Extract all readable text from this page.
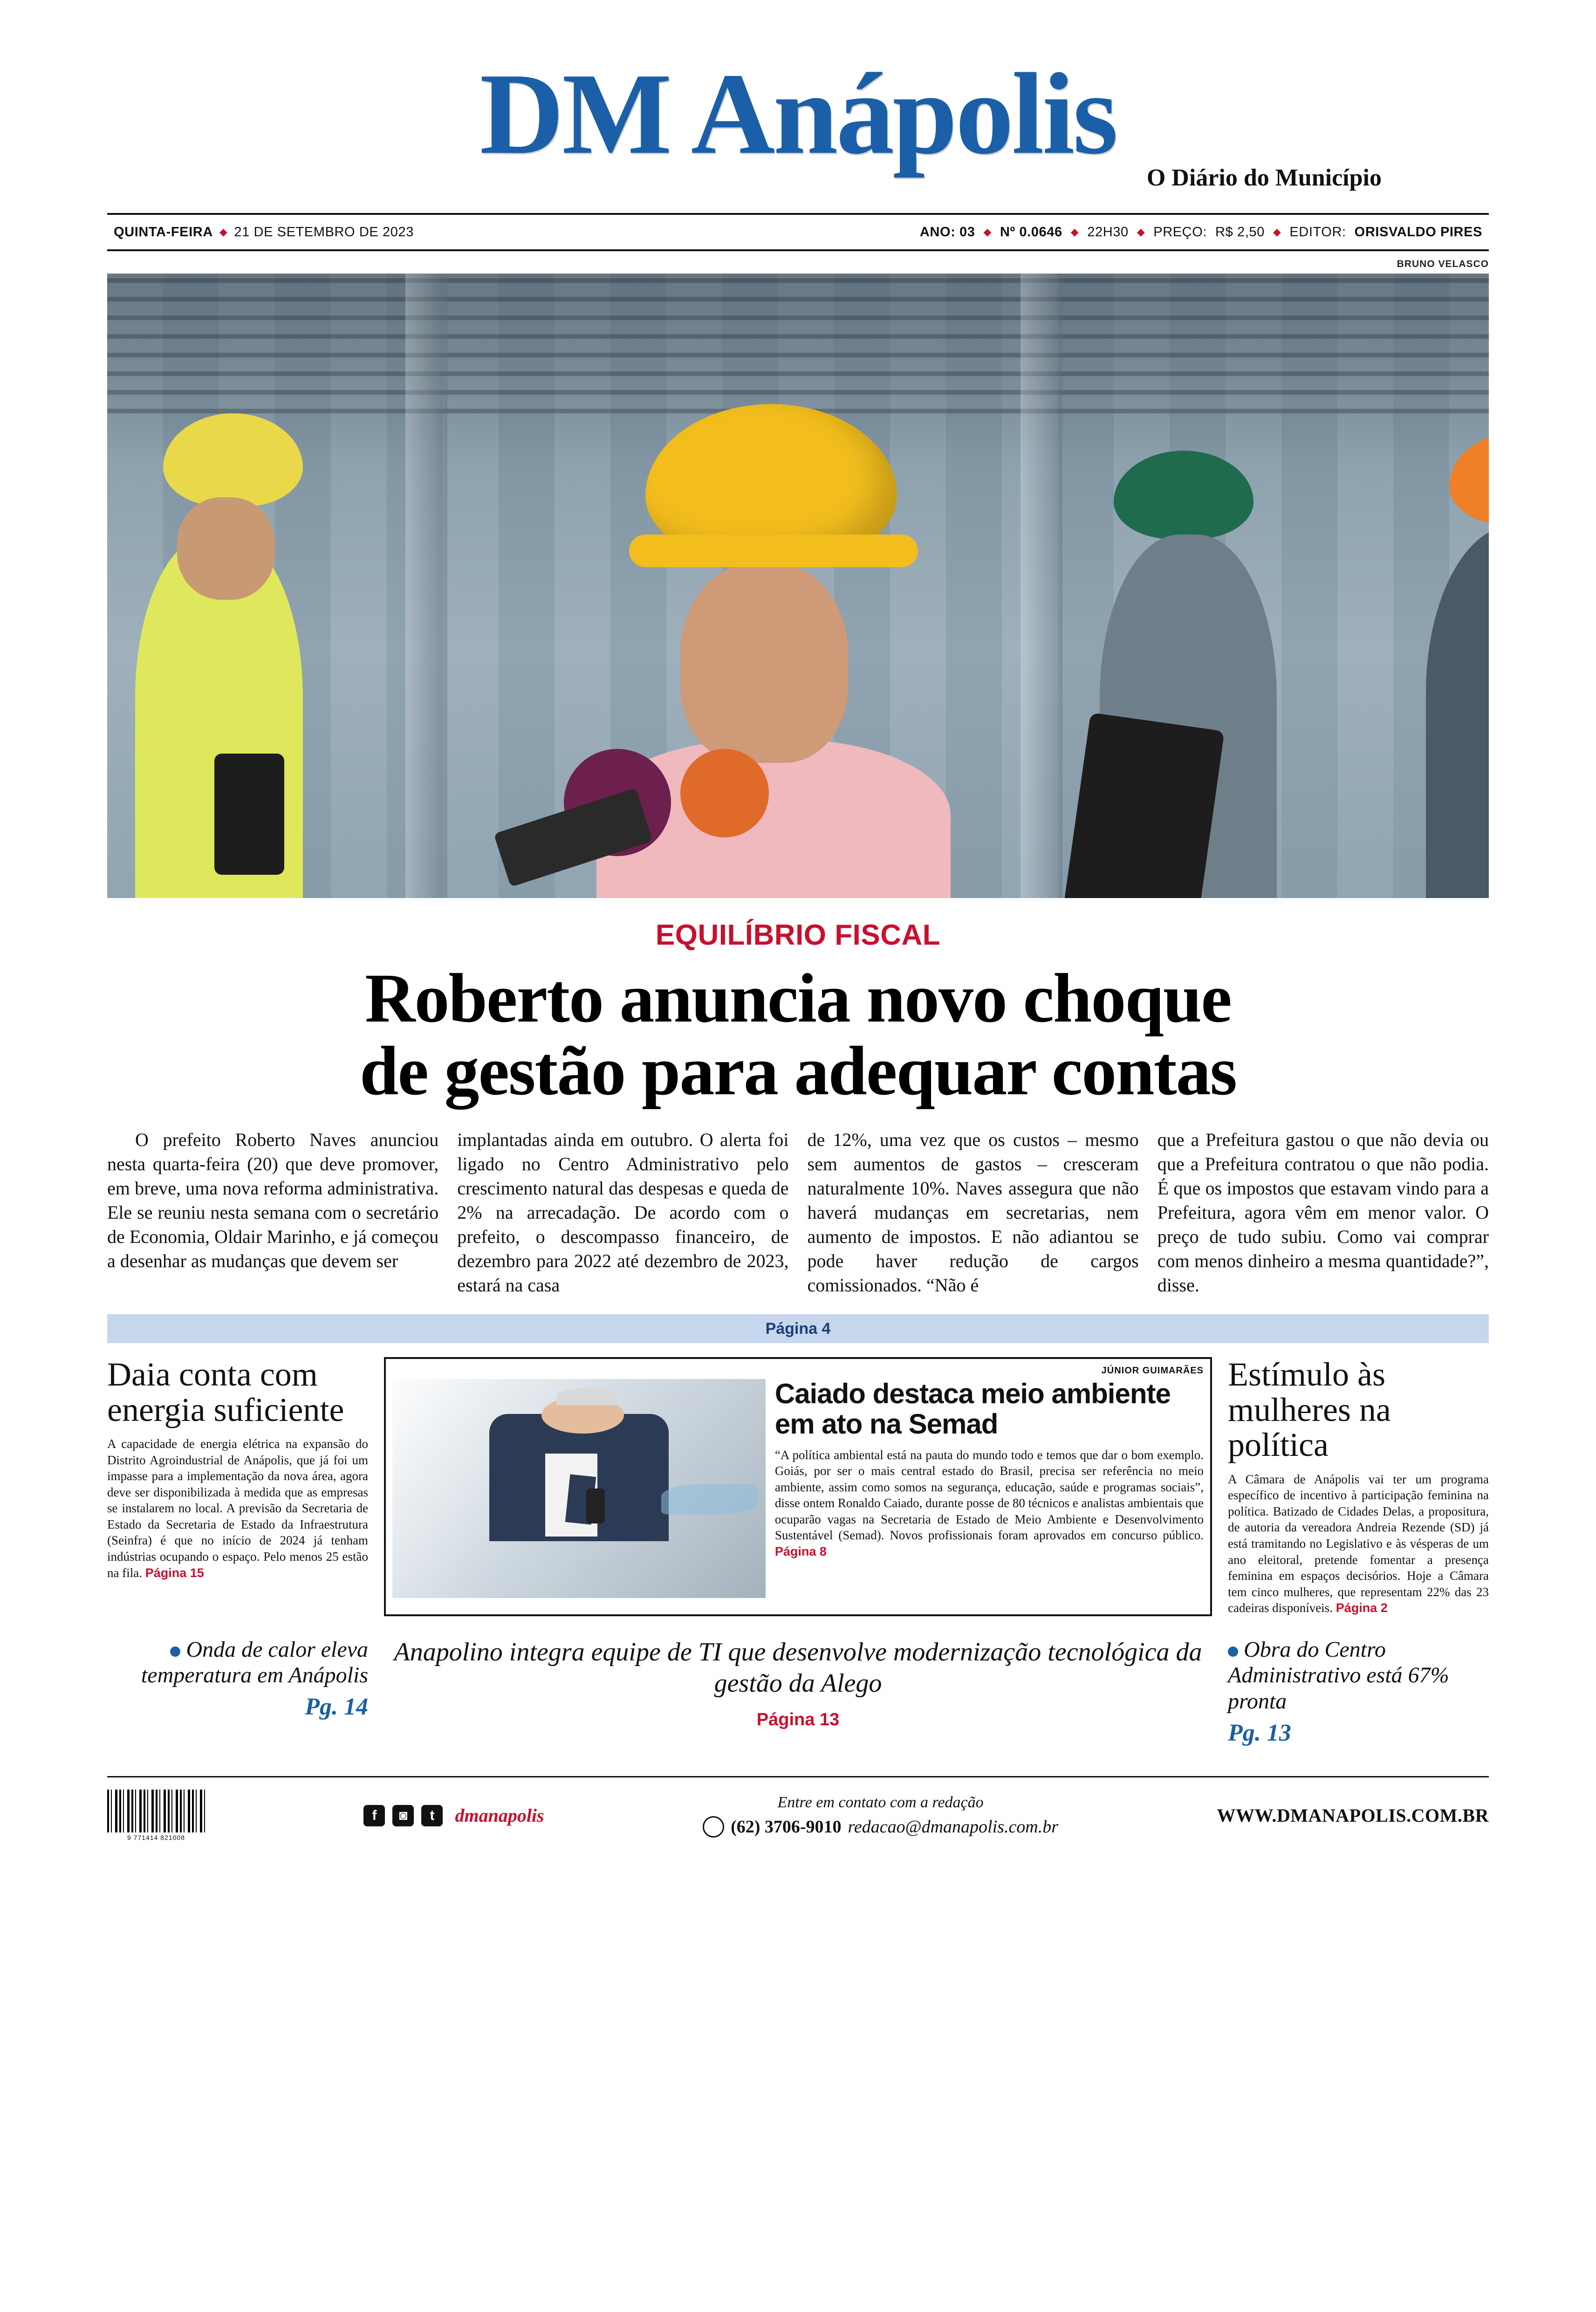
DM Anápolis	O Diário do Município
QUINTA-FEIRA ◆ 21 DE SETEMBRO DE 2023	ANO: 03 ◆ Nº 0.0646 ◆ 22H30 ◆ PREÇO: R$ 2,50 ◆ EDITOR: ORISVALDO PIRES
BRUNO VELASCO
EQUILÍBRIO FISCAL
Roberto anuncia novo choque
de gestão para adequar contas

O prefeito Roberto Naves anunciou nesta quarta-feira (20) que deve promover, em breve, uma nova reforma administrativa. Ele se reuniu nesta semana com o secretário de Economia, Oldair Marinho, e já começou a desenhar as mudanças que devem ser

implantadas ainda em outubro. O alerta foi ligado no Centro Administrativo pelo crescimento natural das despesas e queda de 2% na arrecadação. De acordo com o prefeito, o descompasso financeiro, de dezembro para 2022 até dezembro de 2023, estará na casa

de 12%, uma vez que os custos – mesmo sem aumentos de gastos – cresceram naturalmente 10%. Naves assegura que não haverá mudanças em secretarias, nem aumento de impostos. E não adiantou se pode haver redução de cargos comissionados. “Não é

que a Prefeitura gastou o que não devia ou que a Prefeitura contratou o que não podia. É que os impostos que estavam vindo para a Prefeitura, agora vêm em menor valor. O preço de tudo subiu. Como vai comprar com menos dinheiro a mesma quantidade?”, disse.

Página 4
Daia conta com energia suficiente
A capacidade de energia elétrica na expansão do Distrito Agroindustrial de Anápolis, que já foi um impasse para a implementação da nova área, agora deve ser disponibilizada à medida que as empresas se instalarem no local. A previsão da Secretaria de Estado da Secretaria de Estado da Infraestrutura (Seinfra) é que no início de 2024 já tenham indústrias ocupando o espaço. Pelo menos 25 estão na fila. Página 15
JÚNIOR GUIMARÃES
Caiado destaca meio ambiente em ato na Semad
“A política ambiental está na pauta do mundo todo e temos que dar o bom exemplo. Goiás, por ser o mais central estado do Brasil, precisa ser referência no meio ambiente, assim como somos na segurança, educação, saúde e programas sociais”, disse ontem Ronaldo Caiado, durante posse de 80 técnicos e analistas ambientais que ocuparão vagas na Secretaria de Estado de Meio Ambiente e Desenvolvimento Sustentável (Semad). Novos profissionais foram aprovados em concurso público. Página 8
Estímulo às mulheres na política
A Câmara de Anápolis vai ter um programa específico de incentivo à participação feminina na política. Batizado de Cidades Delas, a propositura, de autoria da vereadora Andreia Rezende (SD) já está tramitando no Legislativo e às vésperas de um ano eleitoral, pretende fomentar a presença feminina em espaços decisórios. Hoje a Câmara tem cinco mulheres, que representam 22% das 23 cadeiras disponíveis. Página 2
Onda de calor eleva temperatura em Anápolis
Pg. 14
Anapolino integra equipe de TI que desenvolve modernização tecnológica da gestão da Alego
Página 13
Obra do Centro Administrativo está 67% pronta
Pg. 13
9 771414 821008
f	◙	t	dmanapolis
Entre em contato com a redação
(62) 3706-9010 redacao@dmanapolis.com.br
WWW.DMANAPOLIS.COM.BR
